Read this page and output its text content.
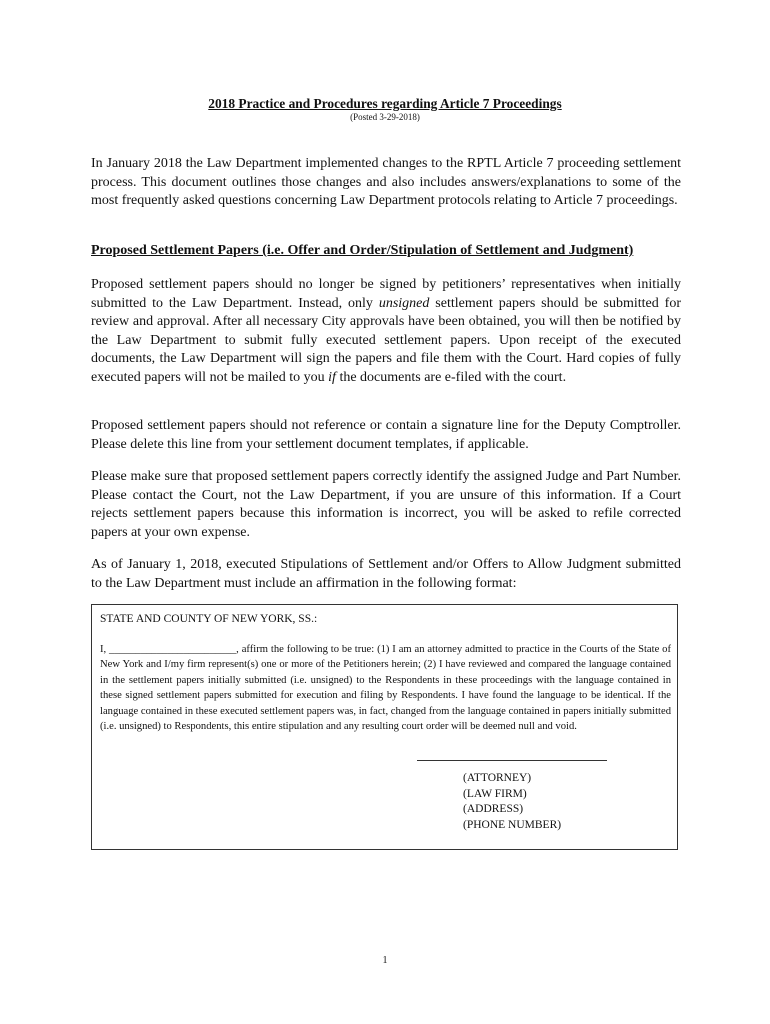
2018 Practice and Procedures regarding Article 7 Proceedings

(Posted 3-29-2018)

In January 2018 the Law Department implemented changes to the RPTL Article 7 proceeding settlement process. This document outlines those changes and also includes answers/explanations to some of the most frequently asked questions concerning Law Department protocols relating to Article 7 proceedings.

Proposed Settlement Papers (i.e. Offer and Order/Stipulation of Settlement and Judgment)

Proposed settlement papers should no longer be signed by petitioners’ representatives when initially submitted to the Law Department. Instead, only unsigned settlement papers should be submitted for review and approval. After all necessary City approvals have been obtained, you will then be notified by the Law Department to submit fully executed settlement papers. Upon receipt of the executed documents, the Law Department will sign the papers and file them with the Court. Hard copies of fully executed papers will not be mailed to you if the documents are e-filed with the court.

Proposed settlement papers should not reference or contain a signature line for the Deputy Comptroller. Please delete this line from your settlement document templates, if applicable.

Please make sure that proposed settlement papers correctly identify the assigned Judge and Part Number. Please contact the Court, not the Law Department, if you are unsure of this information. If a Court rejects settlement papers because this information is incorrect, you will be asked to refile corrected papers at your own expense.

As of January 1, 2018, executed Stipulations of Settlement and/or Offers to Allow Judgment submitted to the Law Department must include an affirmation in the following format:

STATE AND COUNTY OF NEW YORK, SS.:

I, ________________________, affirm the following to be true: (1) I am an attorney admitted to practice in the Courts of the State of New York and I/my firm represent(s) one or more of the Petitioners herein; (2) I have reviewed and compared the language contained in the settlement papers initially submitted (i.e. unsigned) to the Respondents in these proceedings with the language contained in these signed settlement papers submitted for execution and filing by Respondents. I have found the language to be identical. If the language contained in these executed settlement papers was, in fact, changed from the language contained in papers initially submitted (i.e. unsigned) to Respondents, this entire stipulation and any resulting court order will be deemed null and void.

(ATTORNEY)
(LAW FIRM)
(ADDRESS)
(PHONE NUMBER)
1
